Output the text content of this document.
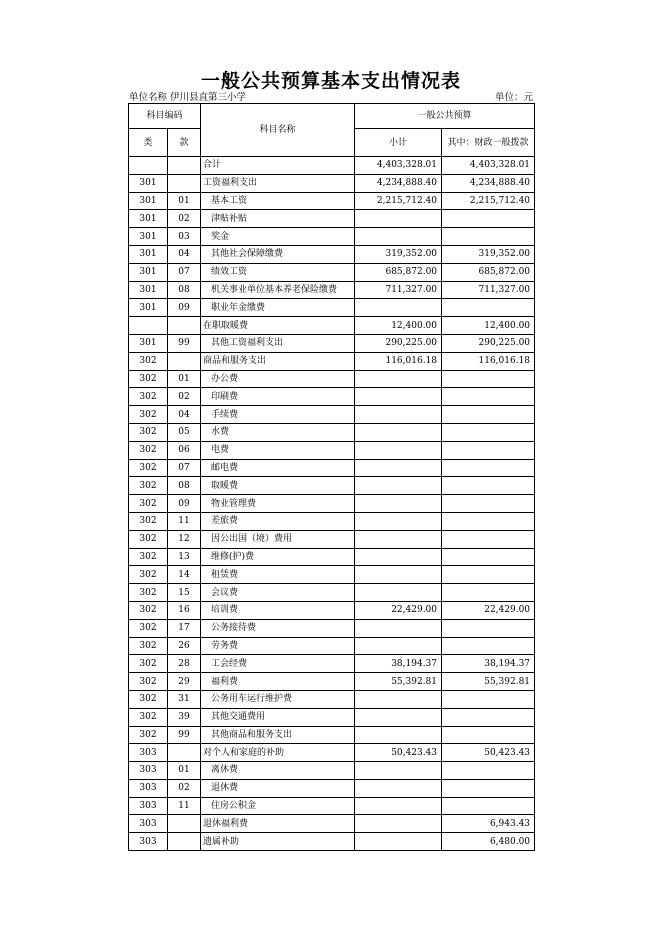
一般公共预算基本支出情况表
单位名称 伊川县直第三小学	单位：元
科目编码		科目名称	一般公共预算	
类	款		小计	其中：财政一般拨款
		合计	4,403,328.01	4,403,328.01
301		工资福利支出	4,234,888.40	4,234,888.40
301	01	基本工资	2,215,712.40	2,215,712.40
301	02	津贴补贴		
301	03	奖金		
301	04	其他社会保障缴费	319,352.00	319,352.00
301	07	绩效工资	685,872.00	685,872.00
301	08	机关事业单位基本养老保险缴费	711,327.00	711,327.00
301	09	职业年金缴费		
		在职取暖费	12,400.00	12,400.00
301	99	其他工资福利支出	290,225.00	290,225.00
302		商品和服务支出	116,016.18	116,016.18
302	01	办公费		
302	02	印刷费		
302	04	手续费		
302	05	水费		
302	06	电费		
302	07	邮电费		
302	08	取暖费		
302	09	物业管理费		
302	11	差旅费		
302	12	因公出国（境）费用		
302	13	维修(护)费		
302	14	租赁费		
302	15	会议费		
302	16	培训费	22,429.00	22,429.00
302	17	公务接待费		
302	26	劳务费		
302	28	工会经费	38,194.37	38,194.37
302	29	福利费	55,392.81	55,392.81
302	31	公务用车运行维护费		
302	39	其他交通费用		
302	99	其他商品和服务支出		
303		对个人和家庭的补助	50,423.43	50,423.43
303	01	离休费		
303	02	退休费		
303	11	住房公积金		
303		退休福利费		6,943.43
303		遗属补助		6,480.00
